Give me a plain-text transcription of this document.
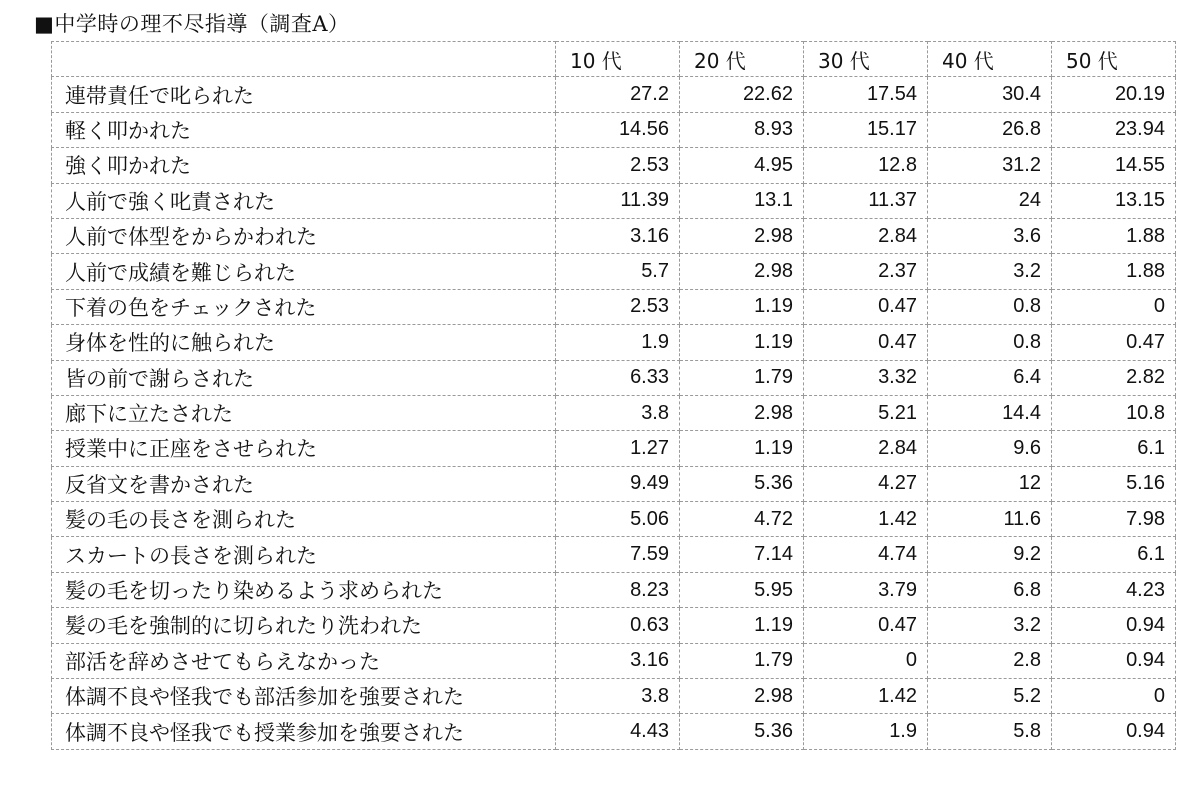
■中学時の理不尽指導（調査A）
	10 代	20 代	30 代	40 代	50 代
連帯責任で叱られた	27.2	22.62	17.54	30.4	20.19
軽く叩かれた	14.56	8.93	15.17	26.8	23.94
強く叩かれた	2.53	4.95	12.8	31.2	14.55
人前で強く叱責された	11.39	13.1	11.37	24	13.15
人前で体型をからかわれた	3.16	2.98	2.84	3.6	1.88
人前で成績を難じられた	5.7	2.98	2.37	3.2	1.88
下着の色をチェックされた	2.53	1.19	0.47	0.8	0
身体を性的に触られた	1.9	1.19	0.47	0.8	0.47
皆の前で謝らされた	6.33	1.79	3.32	6.4	2.82
廊下に立たされた	3.8	2.98	5.21	14.4	10.8
授業中に正座をさせられた	1.27	1.19	2.84	9.6	6.1
反省文を書かされた	9.49	5.36	4.27	12	5.16
髪の毛の長さを測られた	5.06	4.72	1.42	11.6	7.98
スカートの長さを測られた	7.59	7.14	4.74	9.2	6.1
髪の毛を切ったり染めるよう求められた	8.23	5.95	3.79	6.8	4.23
髪の毛を強制的に切られたり洗われた	0.63	1.19	0.47	3.2	0.94
部活を辞めさせてもらえなかった	3.16	1.79	0	2.8	0.94
体調不良や怪我でも部活参加を強要された	3.8	2.98	1.42	5.2	0
体調不良や怪我でも授業参加を強要された	4.43	5.36	1.9	5.8	0.94
